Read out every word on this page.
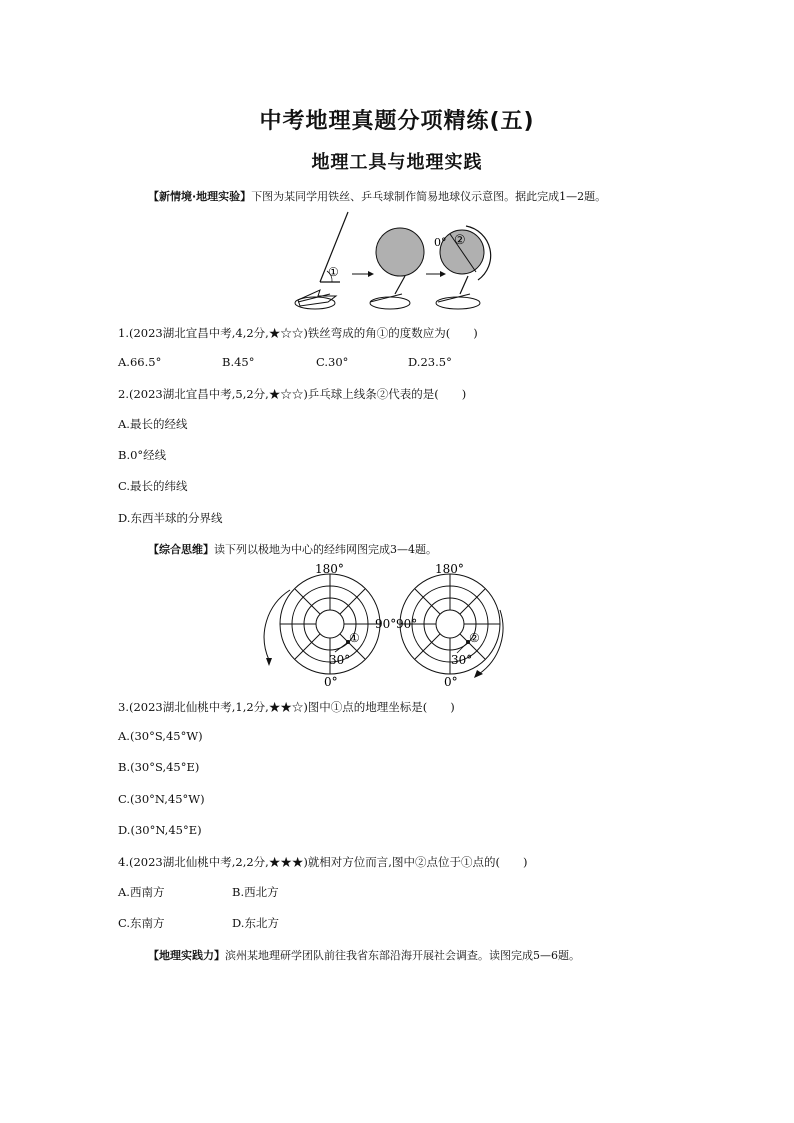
中考地理真题分项精练(五)
地理工具与地理实践
【新情境·地理实验】下图为某同学用铁丝、乒乓球制作简易地球仪示意图。据此完成1—2题。
①
0° ②
1.(2023湖北宜昌中考,4,2分,★☆☆)铁丝弯成的角①的度数应为(　　)
A.66.5°	B.45°	C.30°	D.23.5°
2.(2023湖北宜昌中考,5,2分,★☆☆)乒乓球上线条②代表的是(　　)
A.最长的经线
B.0°经线
C.最长的纬线
D.东西半球的分界线
【综合思维】读下列以极地为中心的经纬网图完成3—4题。
①
180°
0°
90°
30°
②
180°
0°
90°
30°
3.(2023湖北仙桃中考,1,2分,★★☆)图中①点的地理坐标是(　　)
A.(30°S,45°W)
B.(30°S,45°E)
C.(30°N,45°W)
D.(30°N,45°E)
4.(2023湖北仙桃中考,2,2分,★★★)就相对方位而言,图中②点位于①点的(　　)
A.西南方	B.西北方
C.东南方	D.东北方
【地理实践力】滨州某地理研学团队前往我省东部沿海开展社会调查。读图完成5—6题。
